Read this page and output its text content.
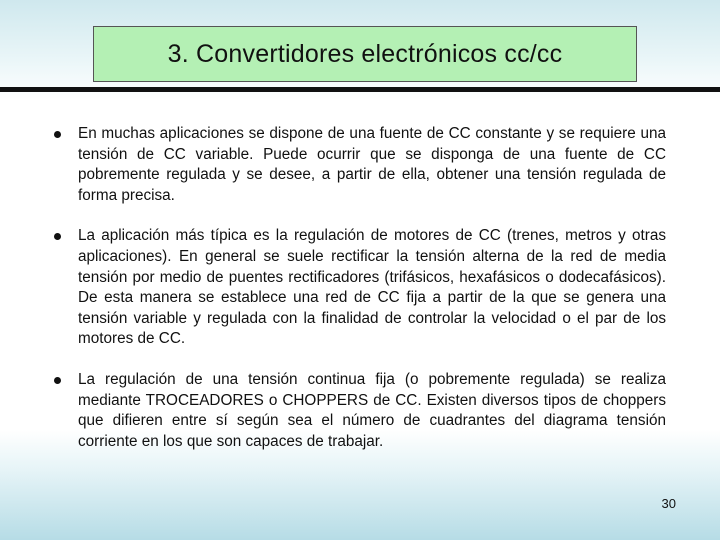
3. Convertidores electrónicos cc/cc
En muchas aplicaciones se dispone de una fuente de CC constante y se requiere una tensión de CC variable. Puede ocurrir que se disponga de una fuente de CC pobremente regulada y se desee, a partir de ella, obtener una tensión regulada de forma precisa.
La aplicación más típica es la regulación de motores de CC (trenes, metros y otras aplicaciones). En general se suele rectificar la tensión alterna de la red de media tensión por medio de puentes rectificadores (trifásicos, hexafásicos o dodecafásicos). De esta manera se establece una red de CC fija a partir de la que se genera una tensión variable y regulada con la finalidad de controlar la velocidad o el par de los motores de CC.
La regulación de una tensión continua fija (o pobremente regulada) se realiza mediante TROCEADORES o CHOPPERS de CC. Existen diversos tipos de choppers que difieren entre sí según sea el número de cuadrantes del diagrama tensión corriente en los que son capaces de trabajar.
30
